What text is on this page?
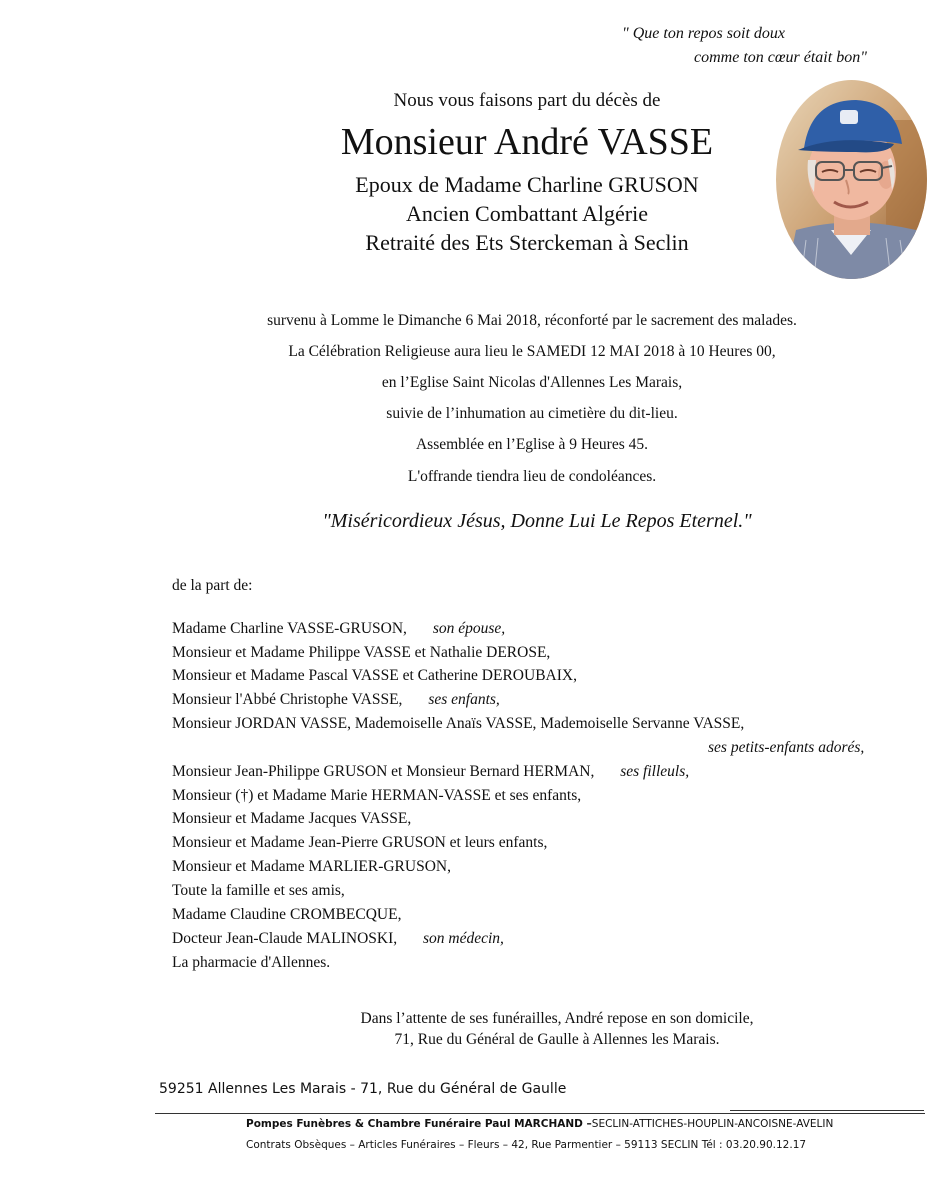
" Que ton repos soit doux
comme ton cœur était bon"
Nous vous faisons part du décès de
Monsieur André VASSE
Epoux de Madame Charline GRUSON
Ancien Combattant Algérie
Retraité des Ets Sterckeman à Seclin
survenu à Lomme le Dimanche 6 Mai 2018, réconforté par le sacrement des malades.
La Célébration Religieuse aura lieu le SAMEDI 12 MAI 2018 à 10 Heures 00,
en l’Eglise Saint Nicolas d'Allennes Les Marais,
suivie de l’inhumation au cimetière du dit-lieu.
Assemblée en l’Eglise à 9 Heures 45.
L'offrande tiendra lieu de condoléances.
"Miséricordieux Jésus, Donne Lui Le Repos Eternel."
de la part de:
Madame Charline VASSE-GRUSON, son épouse,
Monsieur et Madame Philippe VASSE et Nathalie DEROSE,
Monsieur et Madame Pascal VASSE et Catherine DEROUBAIX,
Monsieur l'Abbé Christophe VASSE, ses enfants,
Monsieur JORDAN VASSE, Mademoiselle Anaïs VASSE, Mademoiselle Servanne VASSE,
ses petits-enfants adorés,
Monsieur Jean-Philippe GRUSON et Monsieur Bernard HERMAN, ses filleuls,
Monsieur (†) et Madame Marie HERMAN-VASSE et ses enfants,
Monsieur et Madame Jacques VASSE,
Monsieur et Madame Jean-Pierre GRUSON et leurs enfants,
Monsieur et Madame MARLIER-GRUSON,
Toute la famille et ses amis,
Madame Claudine CROMBECQUE,
Docteur Jean-Claude MALINOSKI, son médecin,
La pharmacie d'Allennes.
Dans l’attente de ses funérailles, André repose en son domicile,
71, Rue du Général de Gaulle à Allennes les Marais.
59251 Allennes Les Marais - 71, Rue du Général de Gaulle
Pompes Funèbres & Chambre Funéraire Paul MARCHAND –SECLIN-ATTICHES-HOUPLIN-ANCOISNE-AVELIN
Contrats Obsèques – Articles Funéraires – Fleurs – 42, Rue Parmentier – 59113 SECLIN Tél : 03.20.90.12.17
